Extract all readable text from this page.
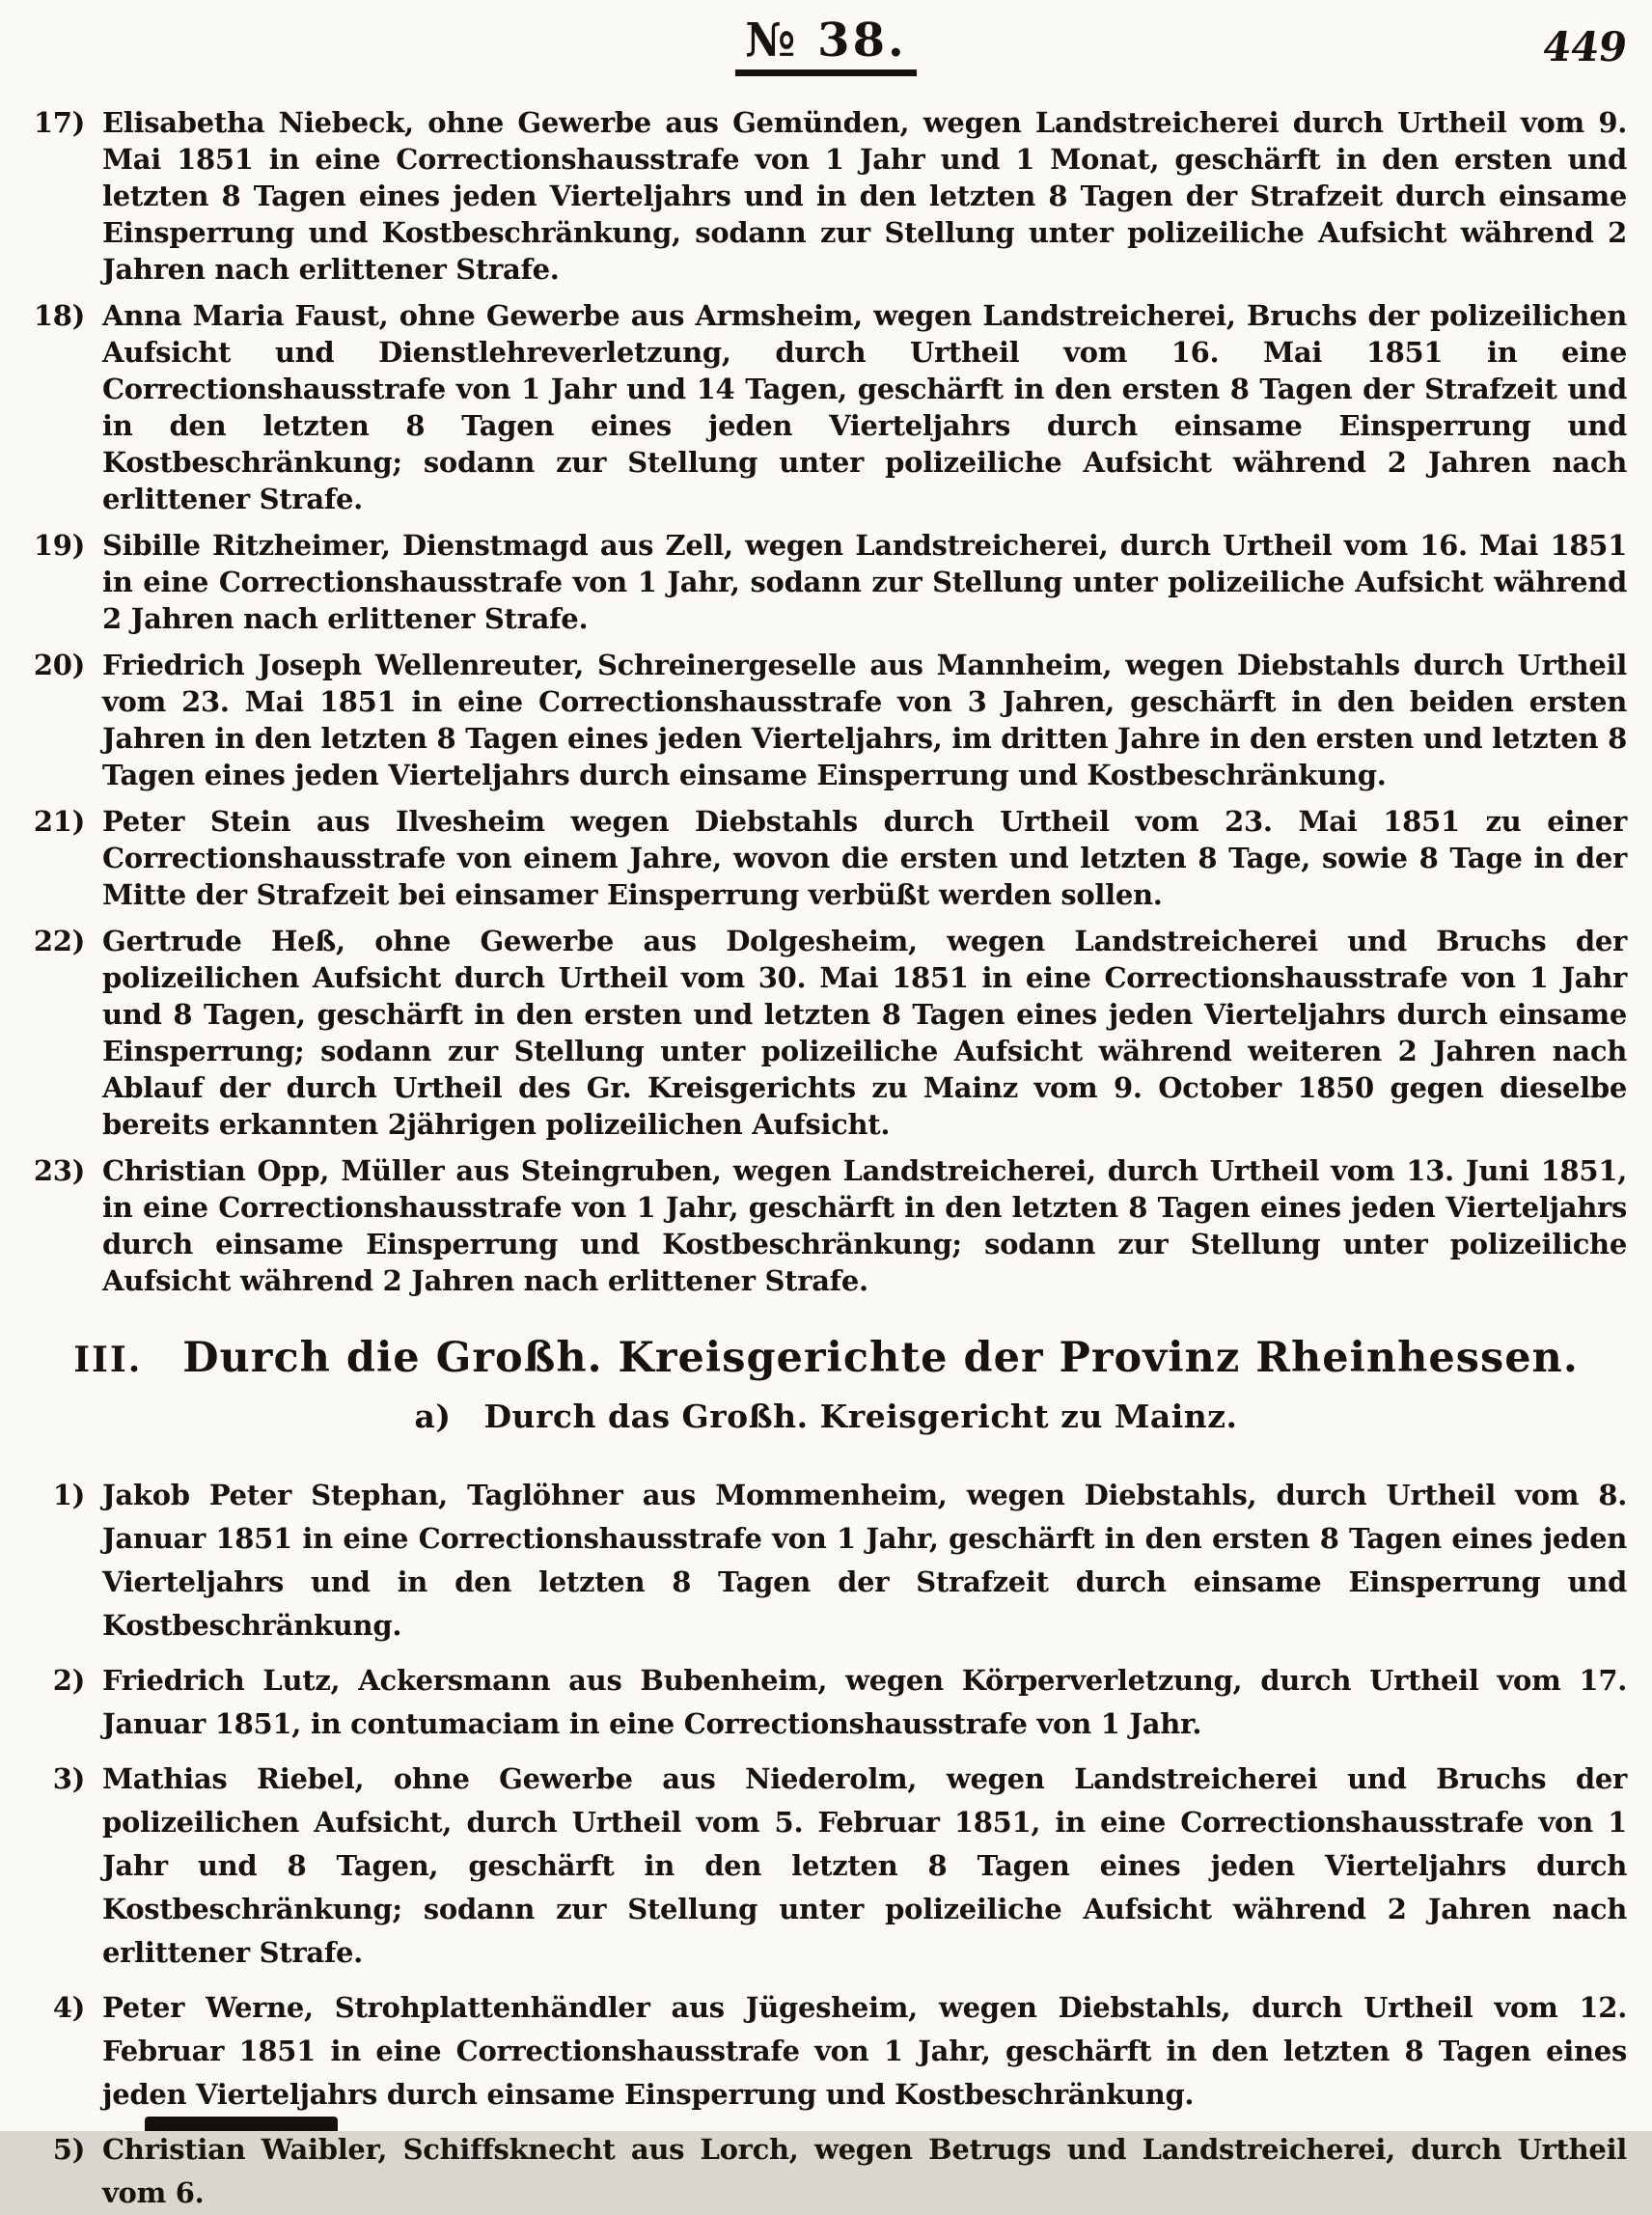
№ 38.	449
17) Elisabetha Niebeck, ohne Gewerbe aus Gemünden, wegen Landstreicherei durch Urtheil vom 9. Mai 1851 in eine Correctionshausstrafe von 1 Jahr und 1 Monat, geschärft in den ersten und letzten 8 Tagen eines jeden Vierteljahrs und in den letzten 8 Tagen der Strafzeit durch einsame Einsperrung und Kostbeschränkung, sodann zur Stellung unter polizeiliche Aufsicht während 2 Jahren nach erlittener Strafe.
18) Anna Maria Faust, ohne Gewerbe aus Armsheim, wegen Landstreicherei, Bruchs der polizeilichen Aufsicht und Dienstlehreverletzung, durch Urtheil vom 16. Mai 1851 in eine Correctionshausstrafe von 1 Jahr und 14 Tagen, geschärft in den ersten 8 Tagen der Strafzeit und in den letzten 8 Tagen eines jeden Vierteljahrs durch einsame Einsperrung und Kostbeschränkung; sodann zur Stellung unter polizeiliche Aufsicht während 2 Jahren nach erlittener Strafe.
19) Sibille Ritzheimer, Dienstmagd aus Zell, wegen Landstreicherei, durch Urtheil vom 16. Mai 1851 in eine Correctionshausstrafe von 1 Jahr, sodann zur Stellung unter polizeiliche Aufsicht während 2 Jahren nach erlittener Strafe.
20) Friedrich Joseph Wellenreuter, Schreinergeselle aus Mannheim, wegen Diebstahls durch Urtheil vom 23. Mai 1851 in eine Correctionshausstrafe von 3 Jahren, geschärft in den beiden ersten Jahren in den letzten 8 Tagen eines jeden Vierteljahrs, im dritten Jahre in den ersten und letzten 8 Tagen eines jeden Vierteljahrs durch einsame Einsperrung und Kostbeschränkung.
21) Peter Stein aus Ilvesheim wegen Diebstahls durch Urtheil vom 23. Mai 1851 zu einer Correctionshausstrafe von einem Jahre, wovon die ersten und letzten 8 Tage, sowie 8 Tage in der Mitte der Strafzeit bei einsamer Einsperrung verbüßt werden sollen.
22) Gertrude Heß, ohne Gewerbe aus Dolgesheim, wegen Landstreicherei und Bruchs der polizeilichen Aufsicht durch Urtheil vom 30. Mai 1851 in eine Correctionshausstrafe von 1 Jahr und 8 Tagen, geschärft in den ersten und letzten 8 Tagen eines jeden Vierteljahrs durch einsame Einsperrung; sodann zur Stellung unter polizeiliche Aufsicht während weiteren 2 Jahren nach Ablauf der durch Urtheil des Gr. Kreisgerichts zu Mainz vom 9. October 1850 gegen dieselbe bereits erkannten 2jährigen polizeilichen Aufsicht.
23) Christian Opp, Müller aus Steingruben, wegen Landstreicherei, durch Urtheil vom 13. Juni 1851, in eine Correctionshausstrafe von 1 Jahr, geschärft in den letzten 8 Tagen eines jeden Vierteljahrs durch einsame Einsperrung und Kostbeschränkung; sodann zur Stellung unter polizeiliche Aufsicht während 2 Jahren nach erlittener Strafe.
III. Durch die Großh. Kreisgerichte der Provinz Rheinhessen.
a) Durch das Großh. Kreisgericht zu Mainz.
1) Jakob Peter Stephan, Taglöhner aus Mommenheim, wegen Diebstahls, durch Urtheil vom 8. Januar 1851 in eine Correctionshausstrafe von 1 Jahr, geschärft in den ersten 8 Tagen eines jeden Vierteljahrs und in den letzten 8 Tagen der Strafzeit durch einsame Einsperrung und Kostbeschränkung.
2) Friedrich Lutz, Ackersmann aus Bubenheim, wegen Körperverletzung, durch Urtheil vom 17. Januar 1851, in contumaciam in eine Correctionshausstrafe von 1 Jahr.
3) Mathias Riebel, ohne Gewerbe aus Niederolm, wegen Landstreicherei und Bruchs der polizeilichen Aufsicht, durch Urtheil vom 5. Februar 1851, in eine Correctionshausstrafe von 1 Jahr und 8 Tagen, geschärft in den letzten 8 Tagen eines jeden Vierteljahrs durch Kostbeschränkung; sodann zur Stellung unter polizeiliche Aufsicht während 2 Jahren nach erlittener Strafe.
4) Peter Werne, Strohplattenhändler aus Jügesheim, wegen Diebstahls, durch Urtheil vom 12. Februar 1851 in eine Correctionshausstrafe von 1 Jahr, geschärft in den letzten 8 Tagen eines jeden Vierteljahrs durch einsame Einsperrung und Kostbeschränkung.
5) Christian Waibler, Schiffsknecht aus Lorch, wegen Betrugs und Landstreicherei, durch Urtheil vom 6.
